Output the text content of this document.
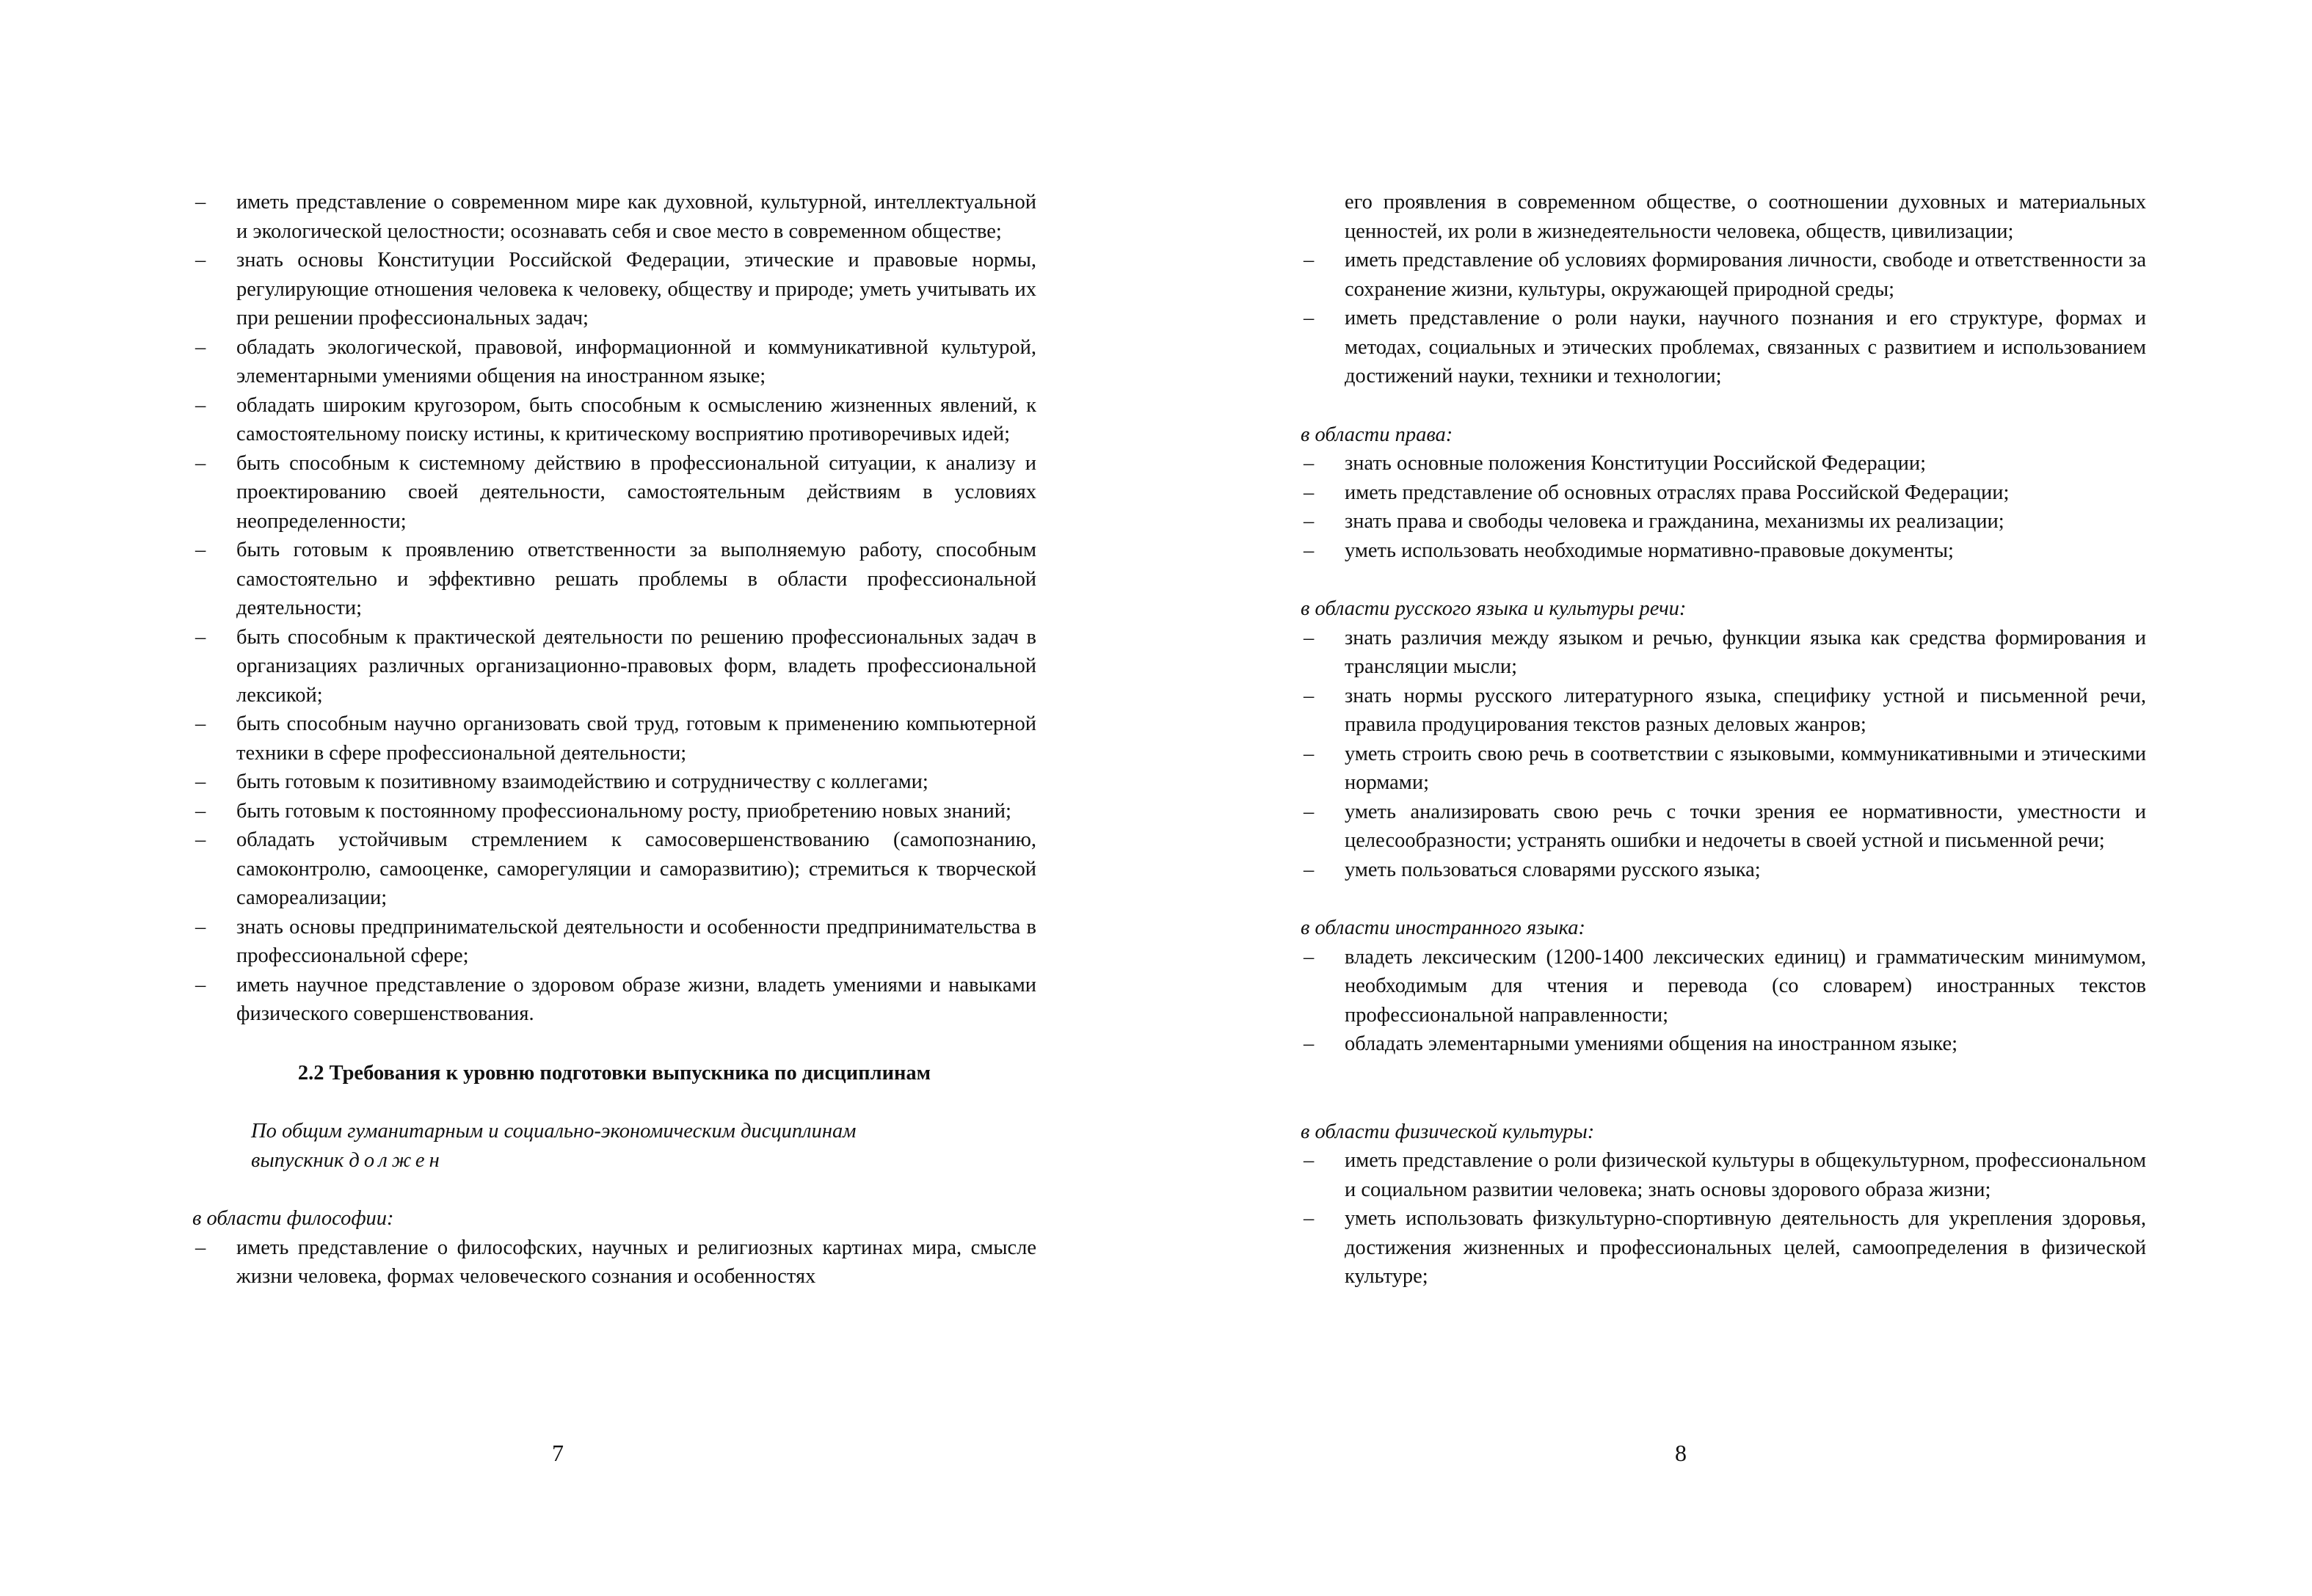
– иметь представление о современном мире как духовной, культурной, интеллектуальной и экологической целостности; осознавать себя и свое место в современном обществе;
– знать основы Конституции Российской Федерации, этические и правовые нормы, регулирующие отношения человека к человеку, обществу и природе; уметь учитывать их при решении профессиональных задач;
– обладать экологической, правовой, информационной и коммуникативной культурой, элементарными умениями общения на иностранном языке;
– обладать широким кругозором, быть способным к осмыслению жизненных явлений, к самостоятельному поиску истины, к критическому восприятию противоречивых идей;
– быть способным к системному действию в профессиональной ситуации, к анализу и проектированию своей деятельности, самостоятельным действиям в условиях неопределенности;
– быть готовым к проявлению ответственности за выполняемую работу, способным самостоятельно и эффективно решать проблемы в области профессиональной деятельности;
– быть способным к практической деятельности по решению профессиональных задач в организациях различных организационно-правовых форм, владеть профессиональной лексикой;
– быть способным научно организовать свой труд, готовым к применению компьютерной техники в сфере профессиональной деятельности;
– быть готовым к позитивному взаимодействию и сотрудничеству с коллегами;
– быть готовым к постоянному профессиональному росту, приобретению новых знаний;
– обладать устойчивым стремлением к самосовершенствованию (самопознанию, самоконтролю, самооценке, саморегуляции и саморазвитию); стремиться к творческой самореализации;
– знать основы предпринимательской деятельности и особенности предпринимательства в профессиональной сфере;
– иметь научное представление о здоровом образе жизни, владеть умениями и навыками физического совершенствования.
2.2 Требования к уровню подготовки выпускника по дисциплинам
По общим гуманитарным и социально-экономическим дисциплинам
выпускник должен
в области философии:
– иметь представление о философских, научных и религиозных картинах мира, смысле жизни человека, формах человеческого сознания и особенностях
7
его проявления в современном обществе, о соотношении духовных и материальных ценностей, их роли в жизнедеятельности человека, обществ, цивилизации;
– иметь представление об условиях формирования личности, свободе и ответственности за сохранение жизни, культуры, окружающей природной среды;
– иметь представление о роли науки, научного познания и его структуре, формах и методах, социальных и этических проблемах, связанных с развитием и использованием достижений науки, техники и технологии;
в области права:
– знать основные положения Конституции Российской Федерации;
– иметь представление об основных отраслях права Российской Федерации;
– знать права и свободы человека и гражданина, механизмы их реализации;
– уметь использовать необходимые нормативно-правовые документы;
в области русского языка и культуры речи:
– знать различия между языком и речью, функции языка как средства формирования и трансляции мысли;
– знать нормы русского литературного языка, специфику устной и письменной речи, правила продуцирования текстов разных деловых жанров;
– уметь строить свою речь в соответствии с языковыми, коммуникативными и этическими нормами;
– уметь анализировать свою речь с точки зрения ее нормативности, уместности и целесообразности; устранять ошибки и недочеты в своей устной и письменной речи;
– уметь пользоваться словарями русского языка;
в области иностранного языка:
– владеть лексическим (1200-1400 лексических единиц) и грамматическим минимумом, необходимым для чтения и перевода (со словарем) иностранных текстов профессиональной направленности;
– обладать элементарными умениями общения на иностранном языке;
в области физической культуры:
– иметь представление о роли физической культуры в общекультурном, профессиональном и социальном развитии человека; знать основы здорового образа жизни;
– уметь использовать физкультурно-спортивную деятельность для укрепления здоровья, достижения жизненных и профессиональных целей, самоопределения в физической культуре;
8
